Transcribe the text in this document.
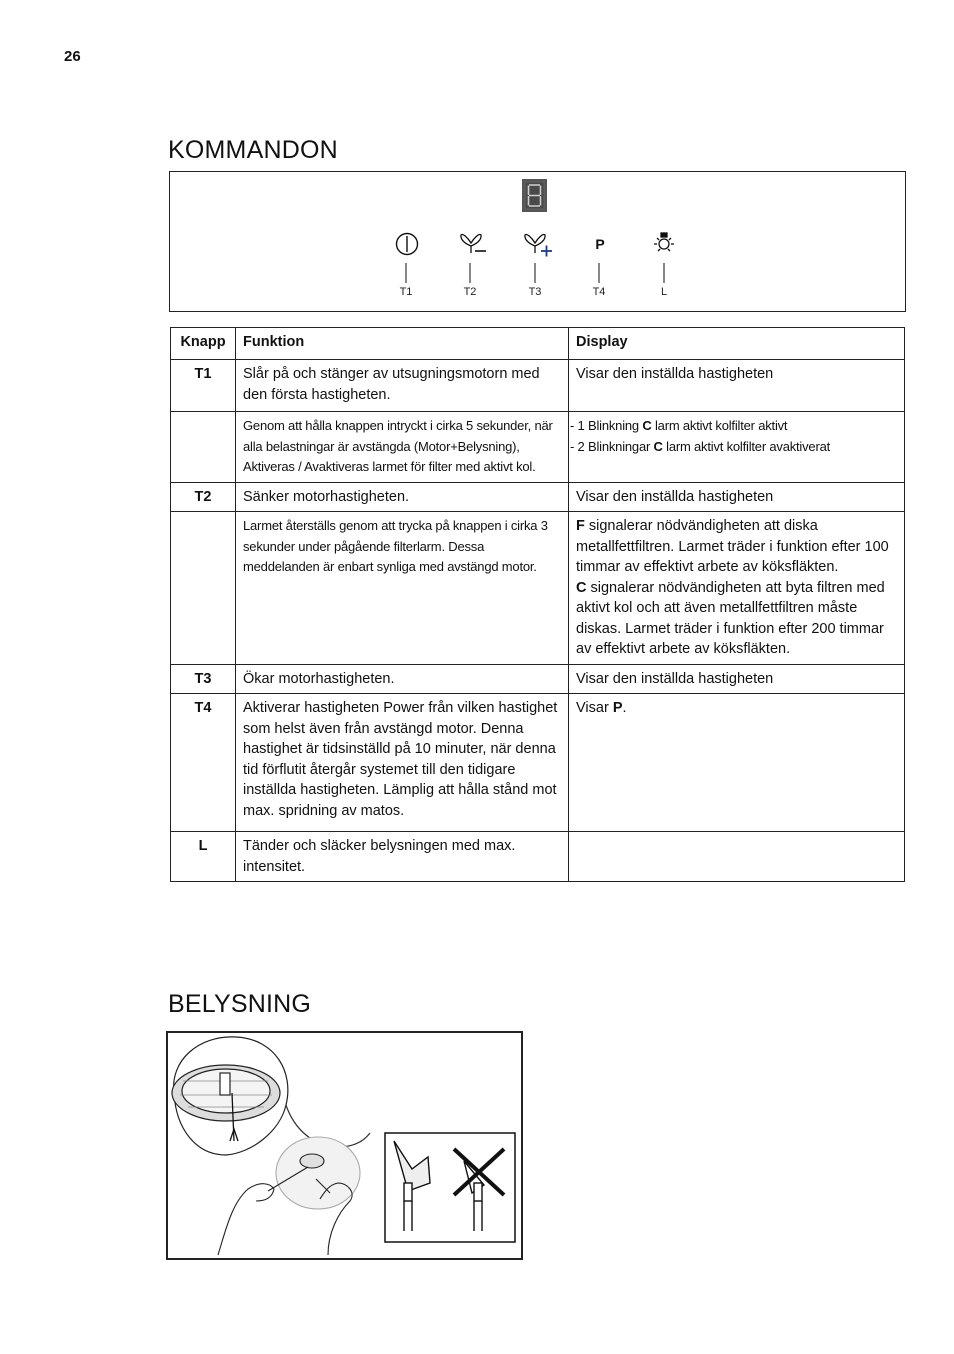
26
KOMMANDON
P
T1	T2	T3	T4	L
Knapp	Funktion	Display
T1	Slår på och stänger av utsugningsmotorn med den första hastigheten.	Visar den inställda hastigheten
	Genom att hålla knappen intryckt i cirka 5 sekunder, när alla belastningar är avstängda (Motor+Belysning), Aktiveras / Avaktiveras larmet för filter med aktivt kol.	- 1 Blinkning C larm aktivt kolfilter aktivt
- 2 Blinkningar C larm aktivt kolfilter avaktiverat

T2	Sänker motorhastigheten.	Visar den inställda hastigheten
	Larmet återställs genom att trycka på knappen i cirka 3 sekunder under pågående filterlarm. Dessa meddelanden är enbart synliga med avstängd motor.	F signalerar nödvändigheten att diska metallfettfiltren. Larmet träder i funktion efter 100 timmar av effektivt arbete av köksfläkten.
C signalerar nödvändigheten att byta filtren med aktivt kol och att även metallfettfiltren måste diskas. Larmet träder i funktion efter 200 timmar av effektivt arbete av köksfläkten.

T3	Ökar motorhastigheten.	Visar den inställda hastigheten
T4	Aktiverar hastigheten Power från vilken hastighet som helst även från avstängd motor. Denna hastighet är tidsinställd på 10 minuter, när denna tid förflutit återgår systemet till den tidigare inställda hastigheten. Lämplig att hålla stånd mot max. spridning av matos.	Visar P.
L	Tänder och släcker belysningen med max. intensitet.	
BELYSNING
